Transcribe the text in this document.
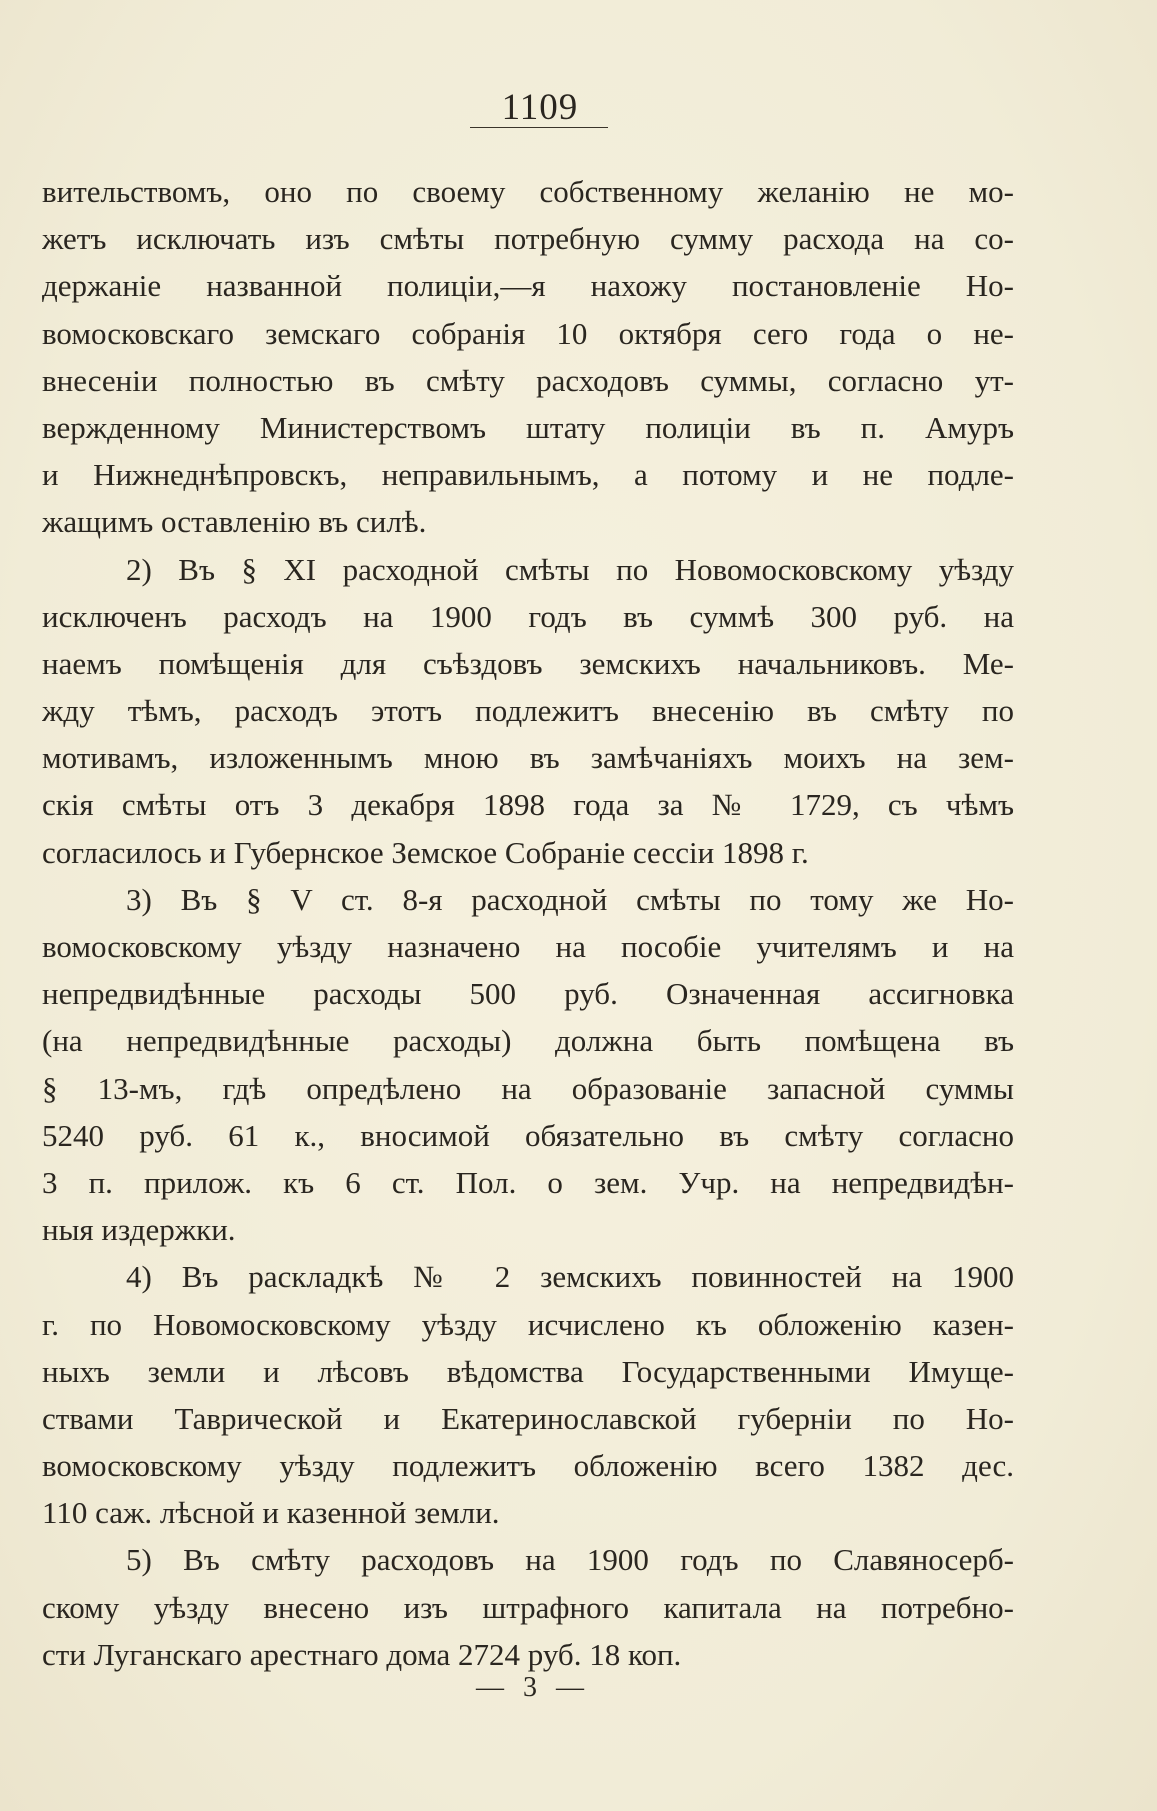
1109
вительствомъ, оно по своему собственному желанію не мо-
жетъ исключать изъ смѣты потребную сумму расхода на со-
держаніе названной полиціи,—я нахожу постановленіе Но-
вомосковскаго земскаго собранія 10 октября сего года о не-
внесеніи полностью въ смѣту расходовъ суммы, согласно ут-
вержденному Министерствомъ штату полиціи въ п. Амуръ
и Нижнеднѣпровскъ, неправильнымъ, а потому и не подле-
жащимъ оставленію въ силѣ.
2) Въ § XI расходной смѣты по Новомосковскому уѣзду
исключенъ расходъ на 1900 годъ въ суммѣ 300 руб. на
наемъ помѣщенія для съѣздовъ земскихъ начальниковъ. Ме-
жду тѣмъ, расходъ этотъ подлежитъ внесенію въ смѣту по
мотивамъ, изложеннымъ мною въ замѣчаніяхъ моихъ на зем-
скія смѣты отъ 3 декабря 1898 года за № 1729, съ чѣмъ
согласилось и Губернское Земское Собраніе сессіи 1898 г.
3) Въ § V ст. 8-я расходной смѣты по тому же Но-
вомосковскому уѣзду назначено на пособіе учителямъ и на
непредвидѣнные расходы 500 руб. Означенная ассигновка
(на непредвидѣнные расходы) должна быть помѣщена въ
§ 13-мъ, гдѣ опредѣлено на образованіе запасной суммы
5240 руб. 61 к., вносимой обязательно въ смѣту согласно
3 п. прилож. къ 6 ст. Пол. о зем. Учр. на непредвидѣн-
ныя издержки.
4) Въ раскладкѣ № 2 земскихъ повинностей на 1900
г. по Новомосковскому уѣзду исчислено къ обложенію казен-
ныхъ земли и лѣсовъ вѣдомства Государственными Имуще-
ствами Таврической и Екатеринославской губерніи по Но-
вомосковскому уѣзду подлежитъ обложенію всего 1382 дес.
110 саж. лѣсной и казенной земли.
5) Въ смѣту расходовъ на 1900 годъ по Славяносерб-
скому уѣзду внесено изъ штрафного капитала на потребно-
сти Луганскаго арестнаго дома 2724 руб. 18 коп.
— 3 —
